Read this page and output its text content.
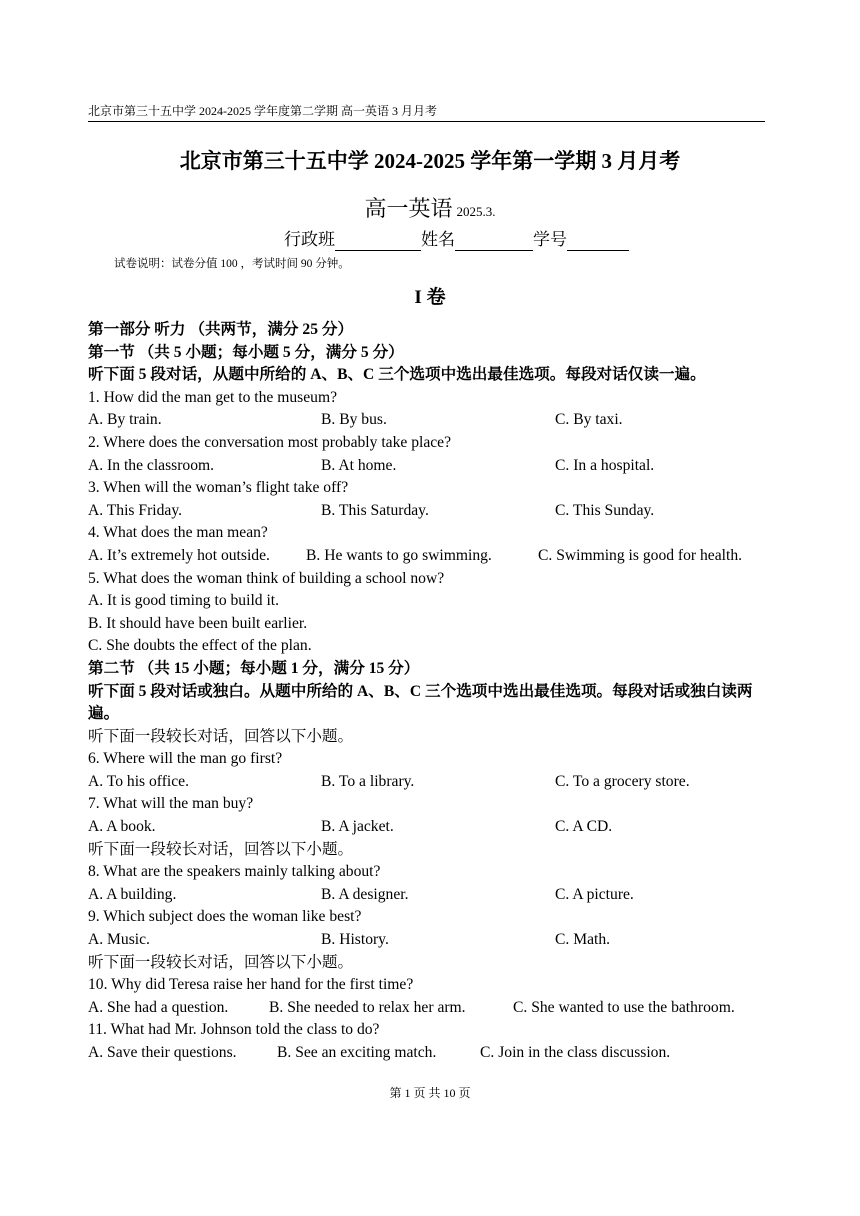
北京市第三十五中学 2024-2025 学年度第二学期 高一英语 3 月月考
北京市第三十五中学 2024-2025 学年第一学期 3 月月考
高一英语 2025.3.
行政班	姓名	学号
试卷说明：试卷分值 100 ，考试时间 90 分钟。
I 卷
第一部分 听力 （共两节，满分 25 分）
第一节 （共 5 小题；每小题 5 分，满分 5 分）
听下面 5 段对话，从题中所给的 A、B、C 三个选项中选出最佳选项。每段对话仅读一遍。
1. How did the man get to the museum?
A. By train.	B. By bus.	C. By taxi.
2. Where does the conversation most probably take place?
A. In the classroom.	B. At home.	C. In a hospital.
3. When will the woman’s flight take off?
A. This Friday.	B. This Saturday.	C. This Sunday.
4. What does the man mean?
A. It’s extremely hot outside. B. He wants to go swimming.	C. Swimming is good for health.
5. What does the woman think of building a school now?
A. It is good timing to build it.
B. It should have been built earlier.
C. She doubts the effect of the plan.
第二节 （共 15 小题；每小题 1 分，满分 15 分）
听下面 5 段对话或独白。从题中所给的 A、B、C 三个选项中选出最佳选项。每段对话或独白读两遍。
听下面一段较长对话，回答以下小题。
6. Where will the man go first?
A. To his office.	B. To a library.	C. To a grocery store.
7. What will the man buy?
A. A book.	B. A jacket.	C. A CD.
听下面一段较长对话，回答以下小题。
8. What are the speakers mainly talking about?
A. A building.	B. A designer.	C. A picture.
9. Which subject does the woman like best?
A. Music.	B. History.	C. Math.
听下面一段较长对话，回答以下小题。
10. Why did Teresa raise her hand for the first time?
A. She had a question.	B. She needed to relax her arm.	C. She wanted to use the bathroom.
11. What had Mr. Johnson told the class to do?
A. Save their questions.	B. See an exciting match.	C. Join in the class discussion.
第 1 页 共 10 页
